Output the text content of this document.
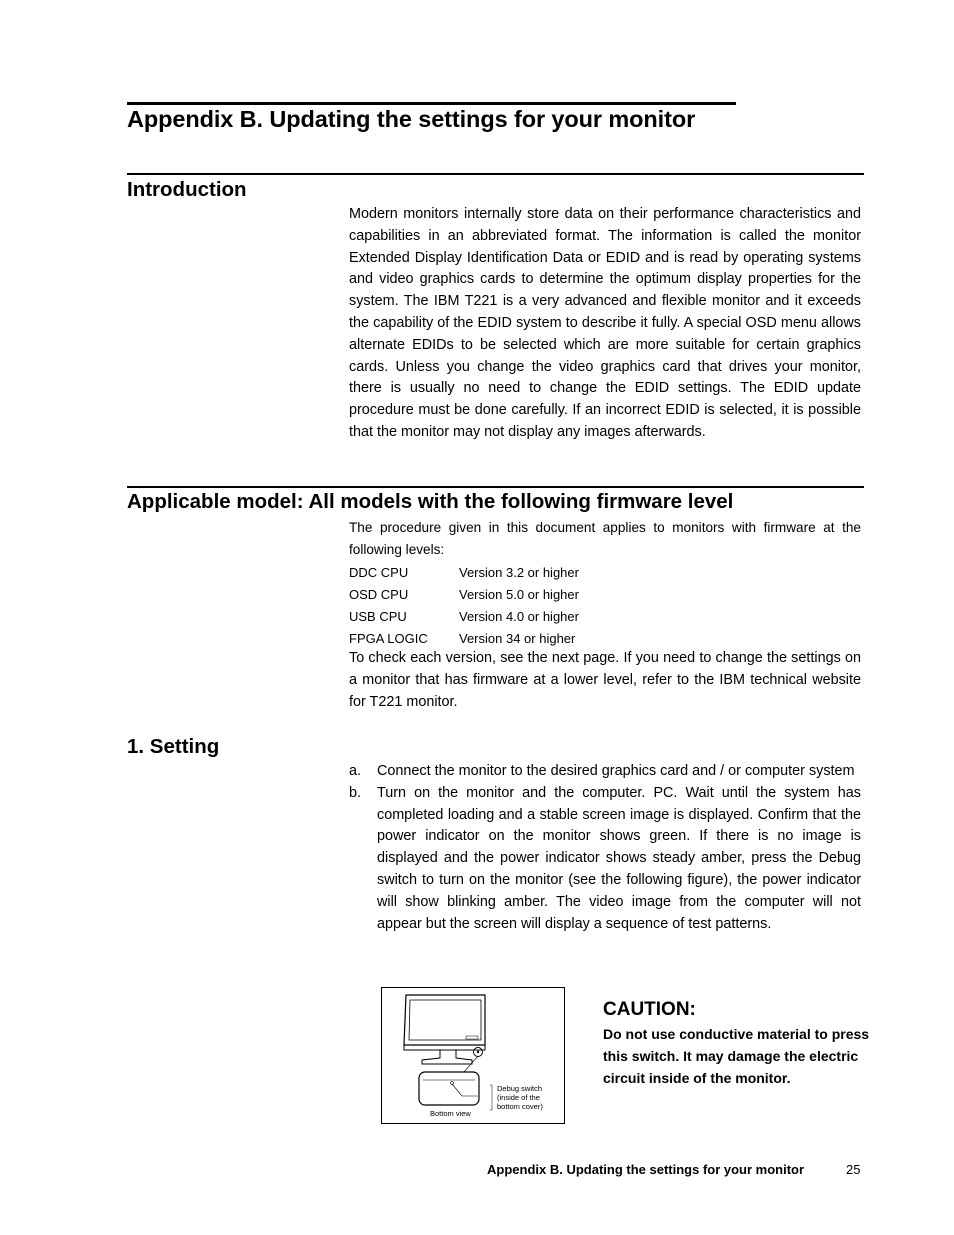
Appendix B. Updating the settings for your monitor
Introduction
Modern monitors internally store data on their performance characteristics and capabilities in an abbreviated format. The information is called the monitor Extended Display Identification Data or EDID and is read by operating systems and video graphics cards to determine the optimum display properties for the system. The IBM T221 is a very advanced and flexible monitor and it exceeds the capability of the EDID system to describe it fully. A special OSD menu allows alternate EDIDs to be selected which are more suitable for certain graphics cards. Unless you change the video graphics card that drives your monitor, there is usually no need to change the EDID settings. The EDID update procedure must be done carefully. If an incorrect EDID is selected, it is possible that the monitor may not display any images afterwards.
Applicable model: All models with the following firmware level
The procedure given in this document applies to monitors with firmware at the following levels:
DDC CPU	Version 3.2 or higher
OSD CPU	Version 5.0 or higher
USB CPU	Version 4.0 or higher
FPGA LOGIC Version 34 or higher
To check each version, see the next page. If you need to change the settings on a monitor that has firmware at a lower level, refer to the IBM technical website for T221 monitor.
1. Setting
a. Connect the monitor to the desired graphics card and / or computer system
b. Turn on the monitor and the computer. PC. Wait until the system has completed loading and a stable screen image is displayed. Confirm that the power indicator on the monitor shows green. If there is no image is displayed and the power indicator shows steady amber, press the Debug switch to turn on the monitor (see the following figure), the power indicator will show blinking amber. The video image from the computer will not appear but the screen will display a sequence of test patterns.
Debug switch
(inside of the
bottom cover)
Bottom view
CAUTION:
Do not use conductive material to press this switch. It may damage the electric circuit inside of the monitor.
Appendix B. Updating the settings for your monitor	25
